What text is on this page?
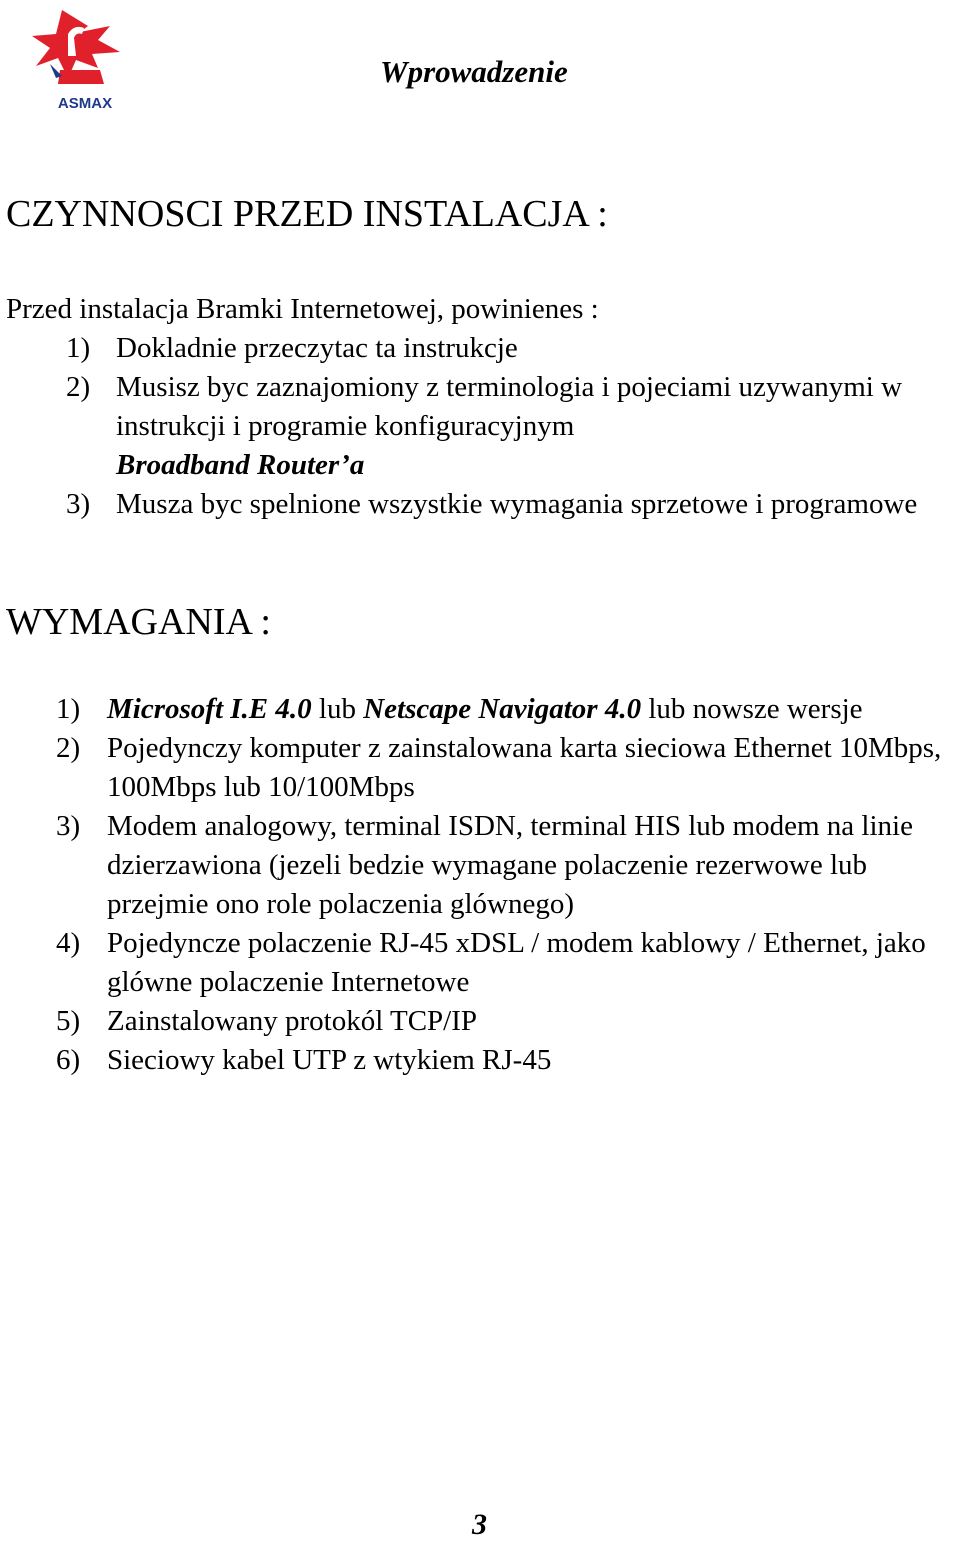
ASMAX
Wprowadzenie
CZYNNOSCI PRZED INSTALACJA :
Przed instalacja Bramki Internetowej, powinienes :
1) Dokladnie przeczytac ta instrukcje
2) Musisz byc zaznajomiony z terminologia i pojeciami uzywanymi w instrukcji i programie konfiguracyjnym
Broadband Router’a
3) Musza byc spelnione wszystkie wymagania sprzetowe i programowe
WYMAGANIA :
1) Microsoft I.E 4.0 lub Netscape Navigator 4.0 lub nowsze wersje
2) Pojedynczy komputer z zainstalowana karta sieciowa Ethernet 10Mbps, 100Mbps lub 10/100Mbps
3) Modem analogowy, terminal ISDN, terminal HIS lub modem na linie dzierzawiona (jezeli bedzie wymagane polaczenie rezerwowe lub przejmie ono role polaczenia glównego)
4) Pojedyncze polaczenie RJ-45 xDSL / modem kablowy / Ethernet, jako glówne polaczenie Internetowe
5) Zainstalowany protokól TCP/IP
6) Sieciowy kabel UTP z wtykiem RJ-45
3
